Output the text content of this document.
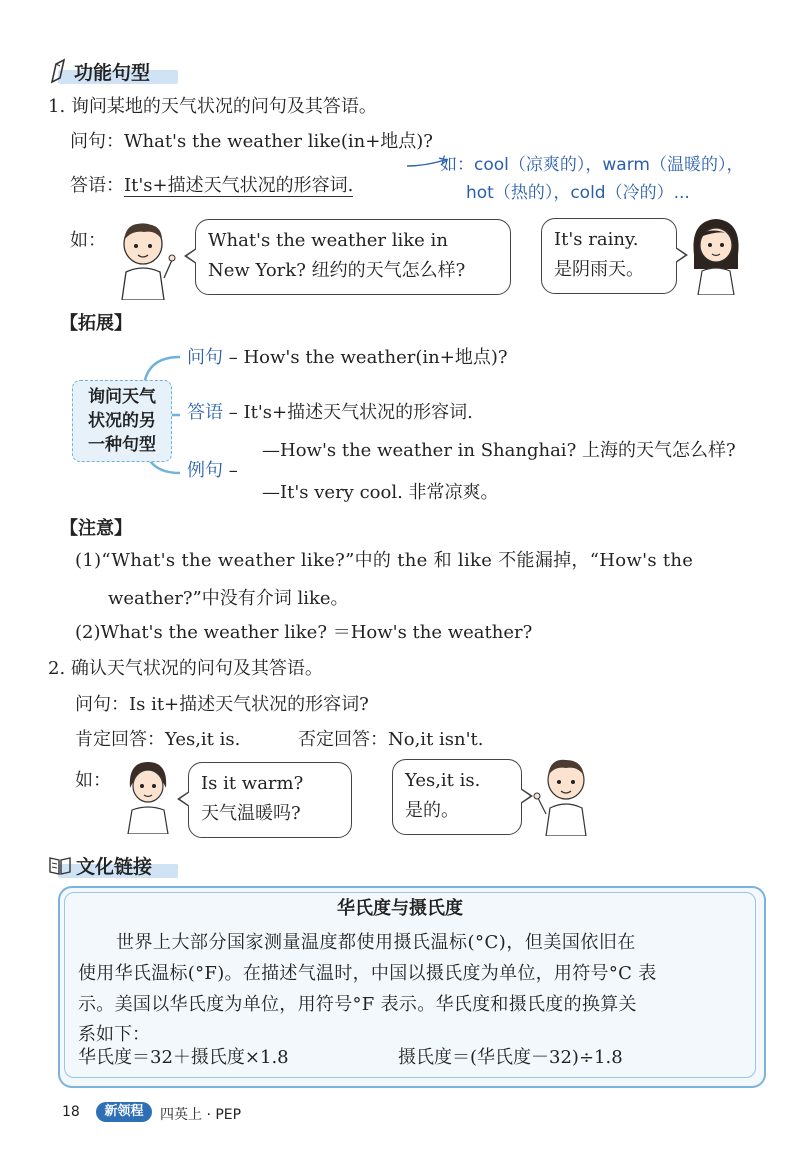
功能句型
1. 询问某地的天气状况的问句及其答语。
问句：What's the weather like(in+地点)?
答语：It's+描述天气状况的形容词.
如：cool（凉爽的），warm（温暖的），
hot（热的），cold（冷的）...
如：	What's the weather like in
New York? 纽约的天气怎么样?
It's rainy.
是阴雨天。
【拓展】
询问天气
状况的另
一种句型
问句 – How's the weather(in+地点)?
答语 – It's+描述天气状况的形容词.
—How's the weather in Shanghai? 上海的天气怎么样?
例句 –
—It's very cool. 非常凉爽。
【注意】
(1)“What's the weather like?”中的 the 和 like 不能漏掉，“How's the
weather?”中没有介词 like。
(2)What's the weather like? ＝How's the weather?
2. 确认天气状况的问句及其答语。
问句：Is it+描述天气状况的形容词?
肯定回答：Yes,it is.	否定回答：No,it isn't.
如：	Is it warm?
天气温暖吗?
Yes,it is.
是的。
文化链接
华氏度与摄氏度
世界上大部分国家测量温度都使用摄氏温标(°C)，但美国依旧在
使用华氏温标(°F)。在描述气温时，中国以摄氏度为单位，用符号°C 表
示。美国以华氏度为单位，用符号°F 表示。华氏度和摄氏度的换算关
系如下：
华氏度＝32＋摄氏度×1.8	摄氏度＝(华氏度－32)÷1.8
18	新领程	四英上 · PEP
